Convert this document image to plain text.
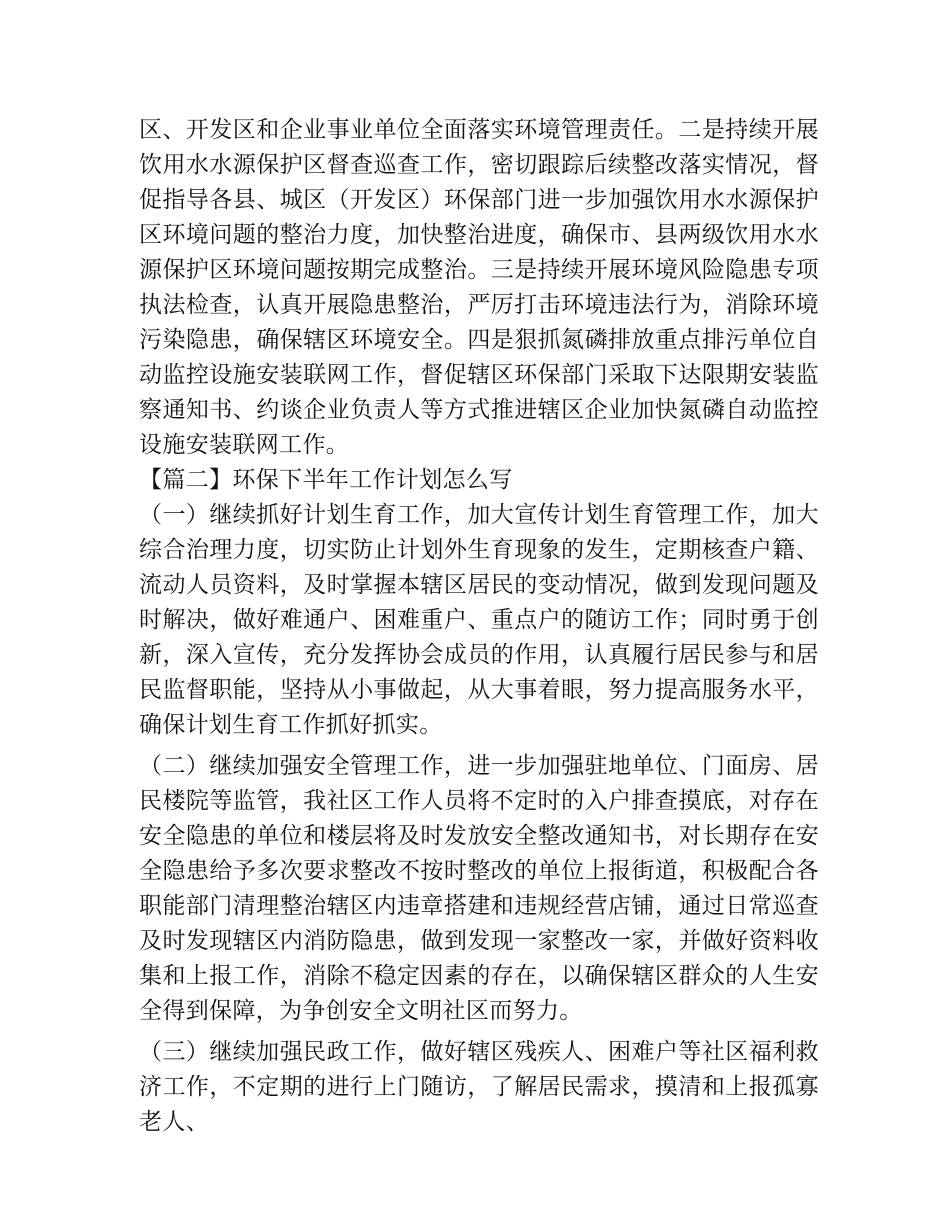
区、开发区和企业事业单位全面落实环境管理责任。二是持续开展饮用水水源保护区督查巡查工作，密切跟踪后续整改落实情况，督促指导各县、城区（开发区）环保部门进一步加强饮用水水源保护区环境问题的整治力度，加快整治进度，确保市、县两级饮用水水源保护区环境问题按期完成整治。三是持续开展环境风险隐患专项执法检查，认真开展隐患整治，严厉打击环境违法行为，消除环境污染隐患，确保辖区环境安全。四是狠抓氮磷排放重点排污单位自动监控设施安装联网工作，督促辖区环保部门采取下达限期安装监察通知书、约谈企业负责人等方式推进辖区企业加快氮磷自动监控设施安装联网工作。

【篇二】环保下半年工作计划怎么写

（一）继续抓好计划生育工作，加大宣传计划生育管理工作，加大综合治理力度，切实防止计划外生育现象的发生，定期核查户籍、流动人员资料，及时掌握本辖区居民的变动情况，做到发现问题及时解决，做好难通户、困难重户、重点户的随访工作；同时勇于创新，深入宣传，充分发挥协会成员的作用，认真履行居民参与和居民监督职能，坚持从小事做起，从大事着眼，努力提高服务水平，确保计划生育工作抓好抓实。

（二）继续加强安全管理工作，进一步加强驻地单位、门面房、居民楼院等监管，我社区工作人员将不定时的入户排查摸底，对存在安全隐患的单位和楼层将及时发放安全整改通知书，对长期存在安全隐患给予多次要求整改不按时整改的单位上报街道，积极配合各职能部门清理整治辖区内违章搭建和违规经营店铺，通过日常巡查及时发现辖区内消防隐患，做到发现一家整改一家，并做好资料收集和上报工作，消除不稳定因素的存在，以确保辖区群众的人生安全得到保障，为争创安全文明社区而努力。

（三）继续加强民政工作，做好辖区残疾人、困难户等社区福利救济工作，不定期的进行上门随访，了解居民需求，摸清和上报孤寡老人、
